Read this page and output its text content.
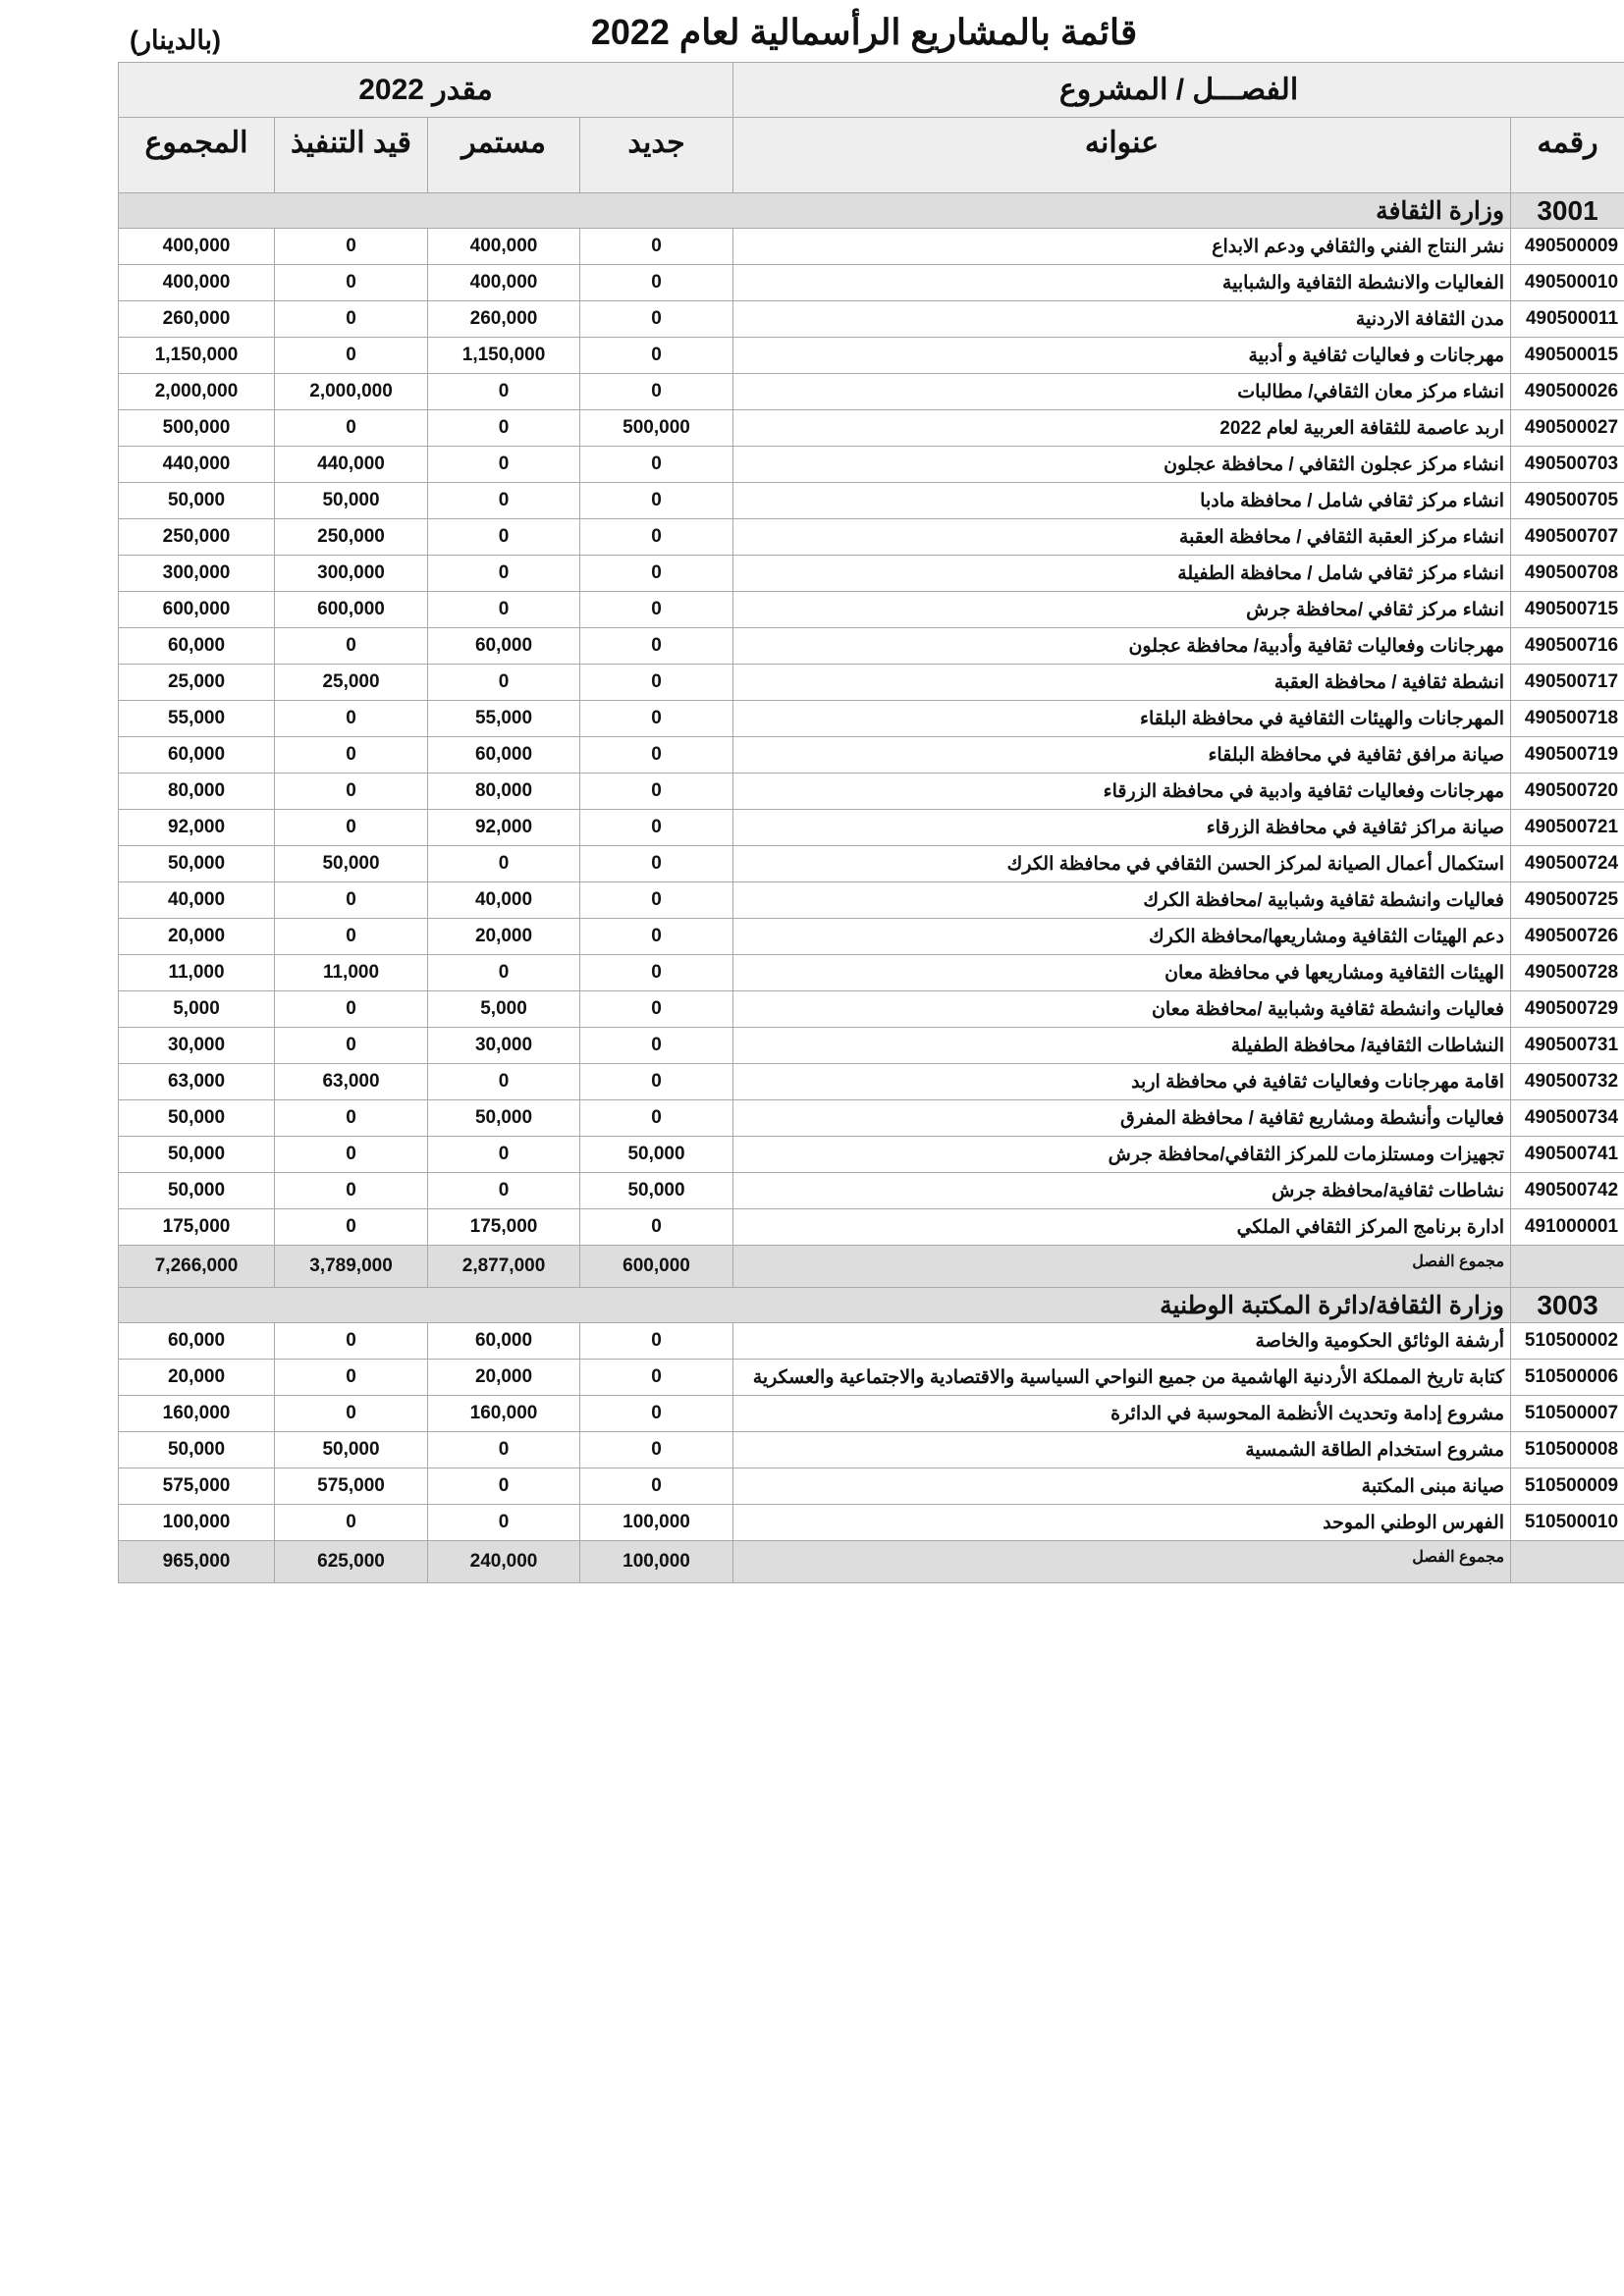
قائمة بالمشاريع الرأسمالية لعام 2022
(بالدينار)
الفصـــل / المشروع		مقدر 2022			
رقمه	عنوانه	جديد	مستمر	قيد التنفيذ	المجموع
3001	وزارة الثقافة				
490500009	نشر النتاج الفني والثقافي ودعم الابداع	0	400,000	0	400,000
490500010	الفعاليات والانشطة الثقافية والشبابية	0	400,000	0	400,000
490500011	مدن الثقافة الاردنية	0	260,000	0	260,000
490500015	مهرجانات و فعاليات ثقافية و أدبية	0	1,150,000	0	1,150,000
490500026	انشاء مركز معان الثقافي/ مطالبات	0	0	2,000,000	2,000,000
490500027	اربد عاصمة للثقافة العربية لعام 2022	500,000	0	0	500,000
490500703	انشاء مركز عجلون الثقافي / محافظة عجلون	0	0	440,000	440,000
490500705	انشاء مركز ثقافي شامل / محافظة مادبا	0	0	50,000	50,000
490500707	انشاء مركز العقبة الثقافي / محافظة العقبة	0	0	250,000	250,000
490500708	انشاء مركز ثقافي شامل / محافظة الطفيلة	0	0	300,000	300,000
490500715	انشاء مركز ثقافي /محافظة جرش	0	0	600,000	600,000
490500716	مهرجانات وفعاليات ثقافية وأدبية/ محافظة عجلون	0	60,000	0	60,000
490500717	انشطة ثقافية / محافظة العقبة	0	0	25,000	25,000
490500718	المهرجانات والهيئات الثقافية في محافظة البلقاء	0	55,000	0	55,000
490500719	صيانة مرافق ثقافية في محافظة البلقاء	0	60,000	0	60,000
490500720	مهرجانات وفعاليات ثقافية وادبية في محافظة الزرقاء	0	80,000	0	80,000
490500721	صيانة مراكز ثقافية في محافظة الزرقاء	0	92,000	0	92,000
490500724	استكمال أعمال الصيانة لمركز الحسن الثقافي في محافظة الكرك	0	0	50,000	50,000
490500725	فعاليات وانشطة ثقافية وشبابية /محافظة الكرك	0	40,000	0	40,000
490500726	دعم الهيئات الثقافية ومشاريعها/محافظة الكرك	0	20,000	0	20,000
490500728	الهيئات الثقافية ومشاريعها في محافظة معان	0	0	11,000	11,000
490500729	فعاليات وانشطة ثقافية وشبابية /محافظة معان	0	5,000	0	5,000
490500731	النشاطات الثقافية/ محافظة الطفيلة	0	30,000	0	30,000
490500732	اقامة مهرجانات وفعاليات ثقافية في محافظة اربد	0	0	63,000	63,000
490500734	فعاليات وأنشطة ومشاريع ثقافية / محافظة المفرق	0	50,000	0	50,000
490500741	تجهيزات ومستلزمات للمركز الثقافي/محافظة جرش	50,000	0	0	50,000
490500742	نشاطات ثقافية/محافظة جرش	50,000	0	0	50,000
491000001	ادارة برنامج المركز الثقافي الملكي	0	175,000	0	175,000
	مجموع الفصل	600,000	2,877,000	3,789,000	7,266,000
3003	وزارة الثقافة/دائرة المكتبة الوطنية				
510500002	أرشفة الوثائق الحكومية والخاصة	0	60,000	0	60,000
510500006	كتابة تاريخ المملكة الأردنية الهاشمية من جميع النواحي السياسية والاقتصادية والاجتماعية والعسكرية	0	20,000	0	20,000
510500007	مشروع إدامة وتحديث الأنظمة المحوسبة في الدائرة	0	160,000	0	160,000
510500008	مشروع استخدام الطاقة الشمسية	0	0	50,000	50,000
510500009	صيانة مبنى المكتبة	0	0	575,000	575,000
510500010	الفهرس الوطني الموحد	100,000	0	0	100,000
	مجموع الفصل	100,000	240,000	625,000	965,000
